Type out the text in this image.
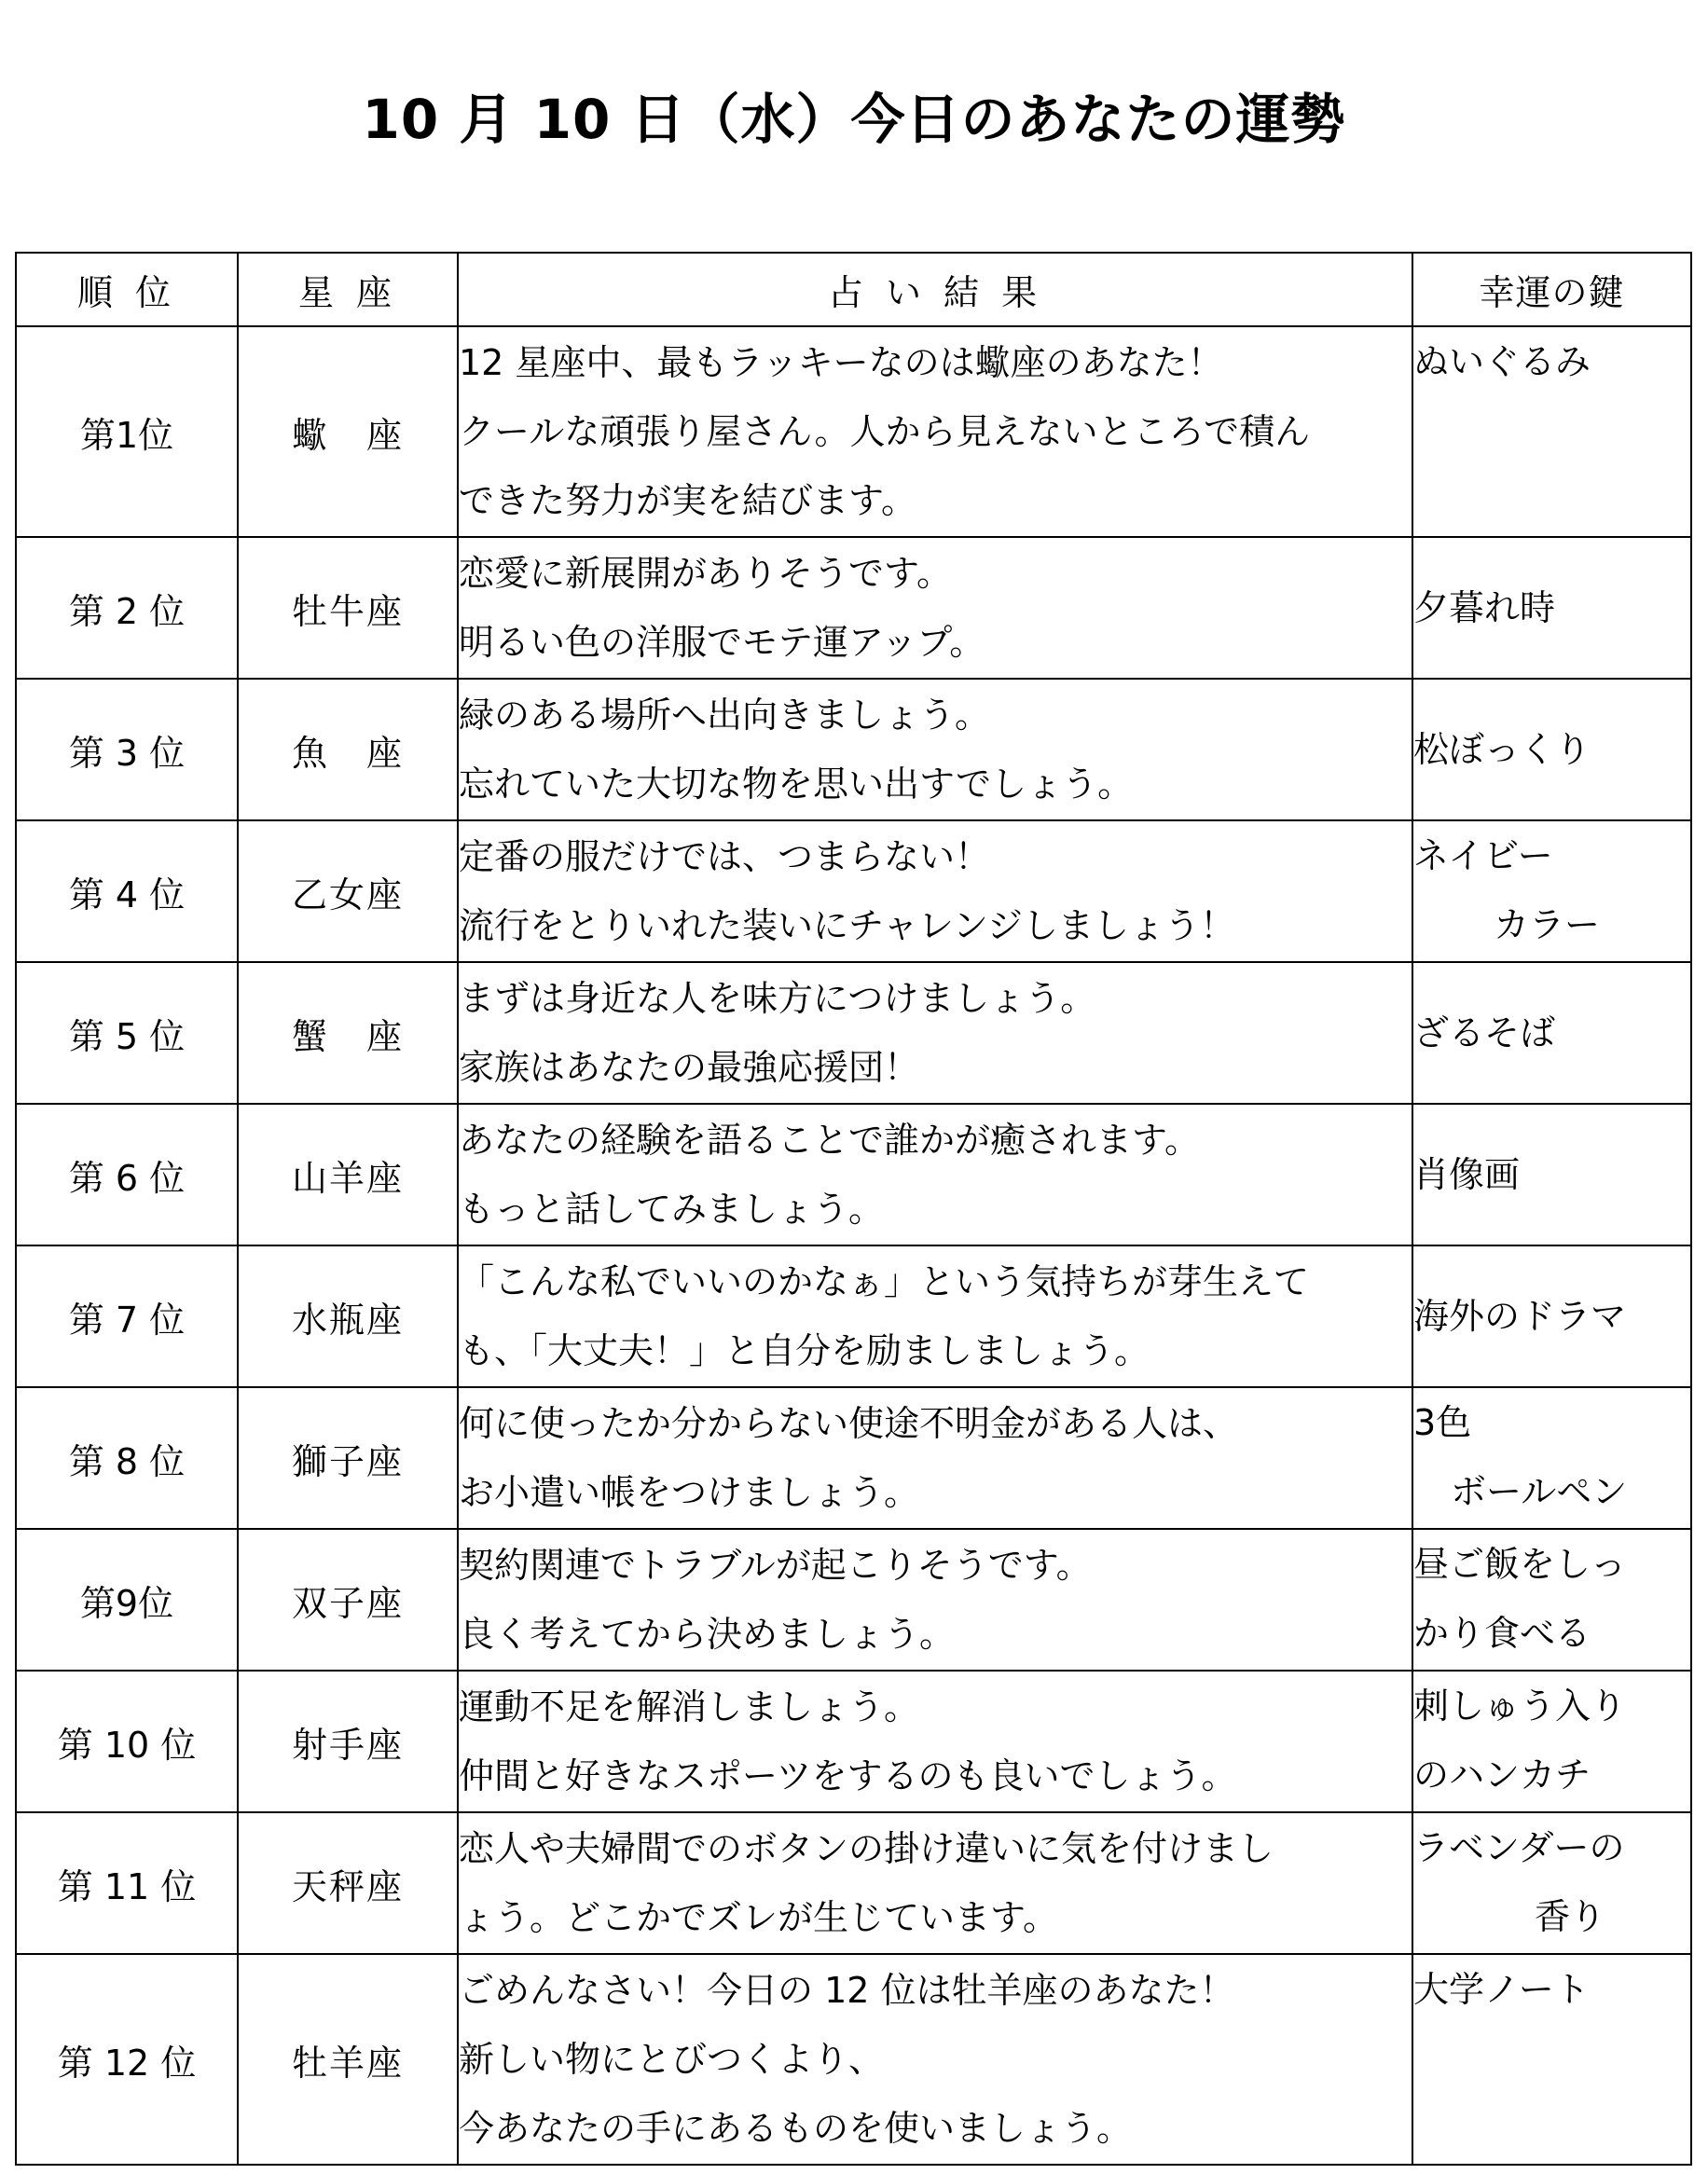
10 月 10 日（水）今日のあなたの運勢
順 位	星 座	占 い 結 果	幸運の鍵
第1位	蠍　座	12 星座中、最もラッキーなのは蠍座のあなた！
クールな頑張り屋さん。人から見えないところで積ん
できた努力が実を結びます。	ぬいぐるみ

第 2 位	牡牛座	恋愛に新展開がありそうです。
明るい色の洋服でモテ運アップ。	夕暮れ時

第 3 位	魚　座	緑のある場所へ出向きましょう。
忘れていた大切な物を思い出すでしょう。	松ぼっくり

第 4 位	乙女座	定番の服だけでは、つまらない！
流行をとりいれた装いにチャレンジしましょう！	ネイビー
カラー

第 5 位	蟹　座	まずは身近な人を味方につけましょう。
家族はあなたの最強応援団！	ざるそば

第 6 位	山羊座	あなたの経験を語ることで誰かが癒されます。
もっと話してみましょう。	肖像画

第 7 位	水瓶座	「こんな私でいいのかなぁ」という気持ちが芽生えて
も、「大丈夫！」と自分を励ましましょう。	海外のドラマ

第 8 位	獅子座	何に使ったか分からない使途不明金がある人は、
お小遣い帳をつけましょう。	3色
ボールペン

第9位	双子座	契約関連でトラブルが起こりそうです。
良く考えてから決めましょう。	昼ご飯をしっ
かり食べる

第 10 位	射手座	運動不足を解消しましょう。
仲間と好きなスポーツをするのも良いでしょう。	刺しゅう入り
のハンカチ

第 11 位	天秤座	恋人や夫婦間でのボタンの掛け違いに気を付けまし
ょう。どこかでズレが生じています。	ラベンダーの
香り

第 12 位	牡羊座	ごめんなさい！今日の 12 位は牡羊座のあなた！
新しい物にとびつくより、
今あなたの手にあるものを使いましょう。	大学ノート
